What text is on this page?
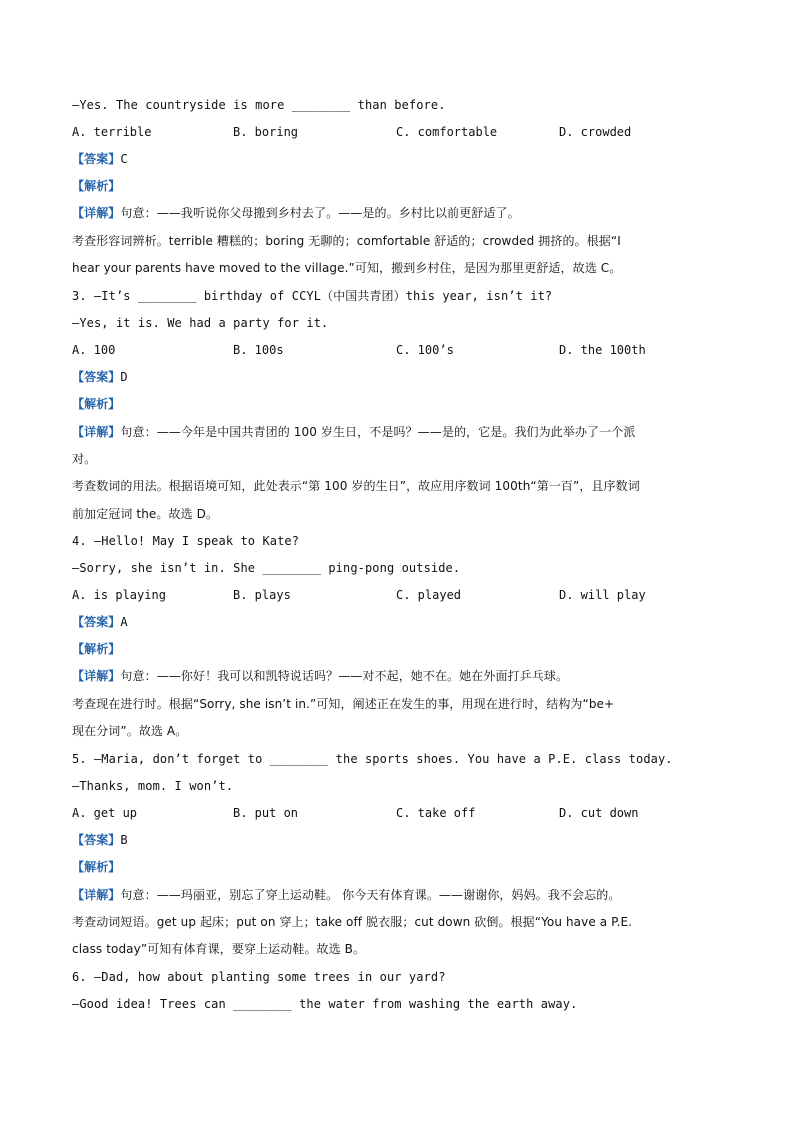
—Yes. The countryside is more ________ than before.
A. terrible	B. boring	C. comfortable	D. crowded
【答案】C
【解析】
【详解】句意：——我听说你父母搬到乡村去了。——是的。乡村比以前更舒适了。
考查形容词辨析。terrible 糟糕的；boring 无聊的；comfortable 舒适的；crowded 拥挤的。根据“I
hear your parents have moved to the village.”可知，搬到乡村住，是因为那里更舒适，故选 C。
3. —It’s ________ birthday of CCYL（中国共青团）this year, isn’t it?
—Yes, it is. We had a party for it.
A. 100	B. 100s	C. 100’s	D. the 100th
【答案】D
【解析】
【详解】句意：——今年是中国共青团的 100 岁生日，不是吗？——是的，它是。我们为此举办了一个派
对。
考查数词的用法。根据语境可知，此处表示“第 100 岁的生日”，故应用序数词 100th“第一百”，且序数词
前加定冠词 the。故选 D。
4. —Hello! May I speak to Kate?
—Sorry, she isn’t in. She ________ ping-pong outside.
A. is playing	B. plays	C. played	D. will play
【答案】A
【解析】
【详解】句意：——你好！我可以和凯特说话吗？——对不起，她不在。她在外面打乒乓球。
考查现在进行时。根据“Sorry, she isn’t in.”可知，阐述正在发生的事，用现在进行时，结构为“be+
现在分词”。故选 A。
5. —Maria, don’t forget to ________ the sports shoes. You have a P.E. class today.
—Thanks, mom. I won’t.
A. get up	B. put on	C. take off	D. cut down
【答案】B
【解析】
【详解】句意：——玛丽亚，别忘了穿上运动鞋。 你今天有体育课。——谢谢你，妈妈。我不会忘的。
考查动词短语。get up 起床；put on 穿上；take off 脱衣服；cut down 砍倒。根据“You have a P.E.
class today”可知有体育课，要穿上运动鞋。故选 B。
6. —Dad, how about planting some trees in our yard?
—Good idea! Trees can ________ the water from washing the earth away.
